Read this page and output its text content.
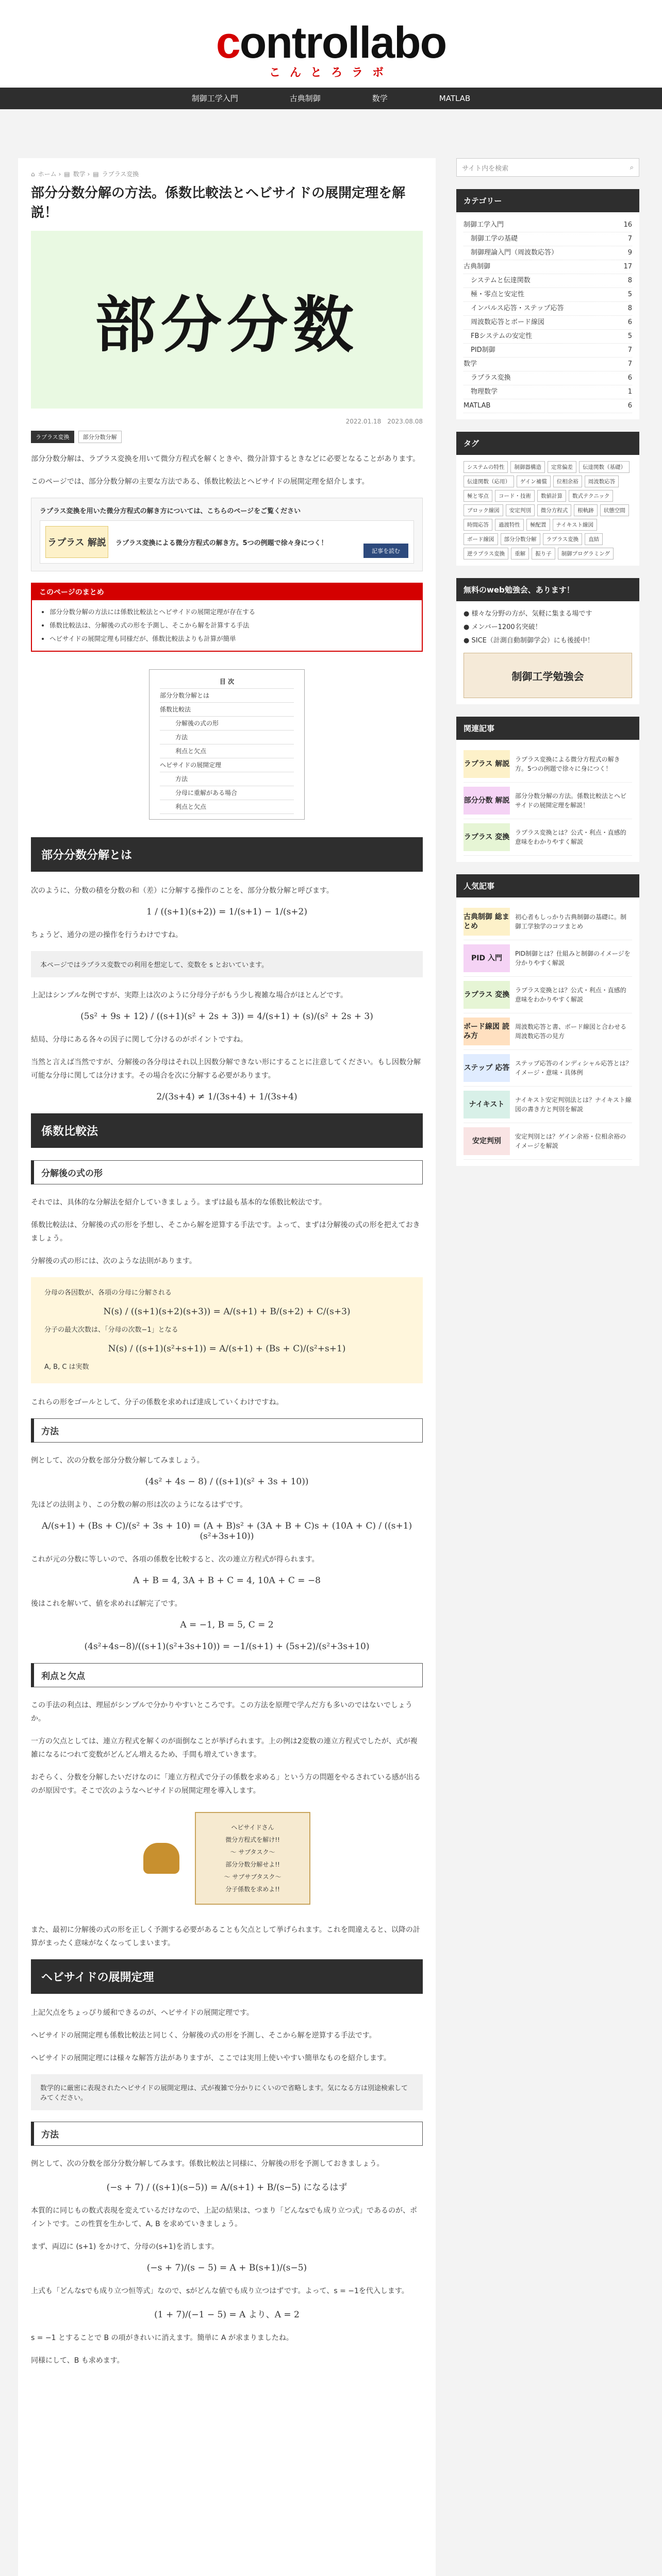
controllabo
こんとろラボ
制御工学入門	古典制御	数学	MATLAB
⌂ ホーム › ▤ 数学 › ▤ ラプラス変換
部分分数分解の方法。係数比較法とヘビサイドの展開定理を解説！
部分分数
2022.01.18　2023.08.08
ラプラス変換	部分分数分解

部分分数分解は、ラプラス変換を用いて微分方程式を解くときや、微分計算するときなどに必要となることがあります。

このページでは、部分分数分解の主要な方法である、係数比較法とヘビサイドの展開定理を紹介します。

ラプラス変換を用いた微分方程式の解き方については、こちらのページをご覧ください
ラプラス 解説	ラプラス変換による微分方程式の解き方。5つの例題で徐々身につく！
記事を読む
このページのまとめ
• 部分分数分解の方法には係数比較法とヘビサイドの展開定理が存在する
• 係数比較法は、分解後の式の形を予測し、そこから解を計算する手法
• ヘビサイドの展開定理も同様だが、係数比較法よりも計算が簡単
目 次
部分分数分解とは
係数比較法
分解後の式の形
方法
利点と欠点
ヘビサイドの展開定理
方法
分母に重解がある場合
利点と欠点
部分分数分解とは

次のように、分数の積を分数の和（差）に分解する操作のことを、部分分数分解と呼びます。

1 / ((s+1)(s+2)) = 1/(s+1) − 1/(s+2)

ちょうど、通分の逆の操作を行うわけですね。

本ページではラプラス変数での利用を想定して、変数を s とおいています。

上記はシンプルな例ですが、実際上は次のように分母分子がもう少し複雑な場合がほとんどです。

(5s² + 9s + 12) / ((s+1)(s² + 2s + 3)) = 4/(s+1) + (s)/(s² + 2s + 3)

結局、分母にある各々の因子に関して分けるのがポイントですね。

当然と言えば当然ですが、分解後の各分母はそれ以上因数分解できない形にすることに注意してください。もし因数分解可能な分母に関しては分けます。その場合を次に分解する必要があります。

2/(3s+4) ≠ 1/(3s+4) + 1/(3s+4)
係数比較法
分解後の式の形

それでは、具体的な分解法を紹介していきましょう。まずは最も基本的な係数比較法です。

係数比較法は、分解後の式の形を予想し、そこから解を逆算する手法です。よって、まずは分解後の式の形を把えておきましょう。

分解後の式の形には、次のような法則があります。

分母の各因数が、各項の分母に分解される
N(s) / ((s+1)(s+2)(s+3)) = A/(s+1) + B/(s+2) + C/(s+3)
分子の最大次数は、「分母の次数−1」となる
N(s) / ((s+1)(s²+s+1)) = A/(s+1) + (Bs + C)/(s²+s+1)
A, B, C は実数

これらの形をゴールとして、分子の係数を求めれば達成していくわけですね。

方法

例として、次の分数を部分分数分解してみましょう。

(4s² + 4s − 8) / ((s+1)(s² + 3s + 10))

先ほどの法則より、この分数の解の形は次のようになるはずです。

A/(s+1) + (Bs + C)/(s² + 3s + 10) = (A + B)s² + (3A + B + C)s + (10A + C) / ((s+1)(s²+3s+10))

これが元の分数に等しいので、各項の係数を比較すると、次の連立方程式が得られます。

A + B = 4, 3A + B + C = 4, 10A + C = −8

後はこれを解いて、値を求めれば解完了です。

A = −1, B = 5, C = 2
(4s²+4s−8)/((s+1)(s²+3s+10)) = −1/(s+1) + (5s+2)/(s²+3s+10)
利点と欠点

この手法の利点は、理屈がシンプルで分かりやすいところです。この方法を原理で学んだ方も多いのではないでしょうか。

一方の欠点としては、連立方程式を解くのが面倒なことが挙げられます。上の例は2変数の連立方程式でしたが、式が複雑になるにつれて変数がどんどん増えるため、手間も増えていきます。

おそらく、分数を分解したいだけなのに「連立方程式で分子の係数を求める」という方の問題をやるされている感が出るのが原因です。そこで次のようなヘビサイドの展開定理を導入します。

ヘビサイドさん
微分方程式を解け!!
〜 サブタスク〜
部分分数分解せよ!!
〜 サブサブタスク〜
分子係数を求めよ!!

また、最初に分解後の式の形を正しく予測する必要があることも欠点として挙げられます。これを間違えると、以降の計算がまったく意味がなくなってしまいます。

ヘビサイドの展開定理

上記欠点をちょっぴり緩和できるのが、ヘビサイドの展開定理です。

ヘビサイドの展開定理も係数比較法と同じく、分解後の式の形を予測し、そこから解を逆算する手法です。

ヘビサイドの展開定理には様々な解答方法がありますが、ここでは実用上使いやすい簡単なものを紹介します。

数学的に厳密に表現されたヘビサイドの展開定理は、式が複雑で分かりにくいので省略します。気になる方は別途検索してみてください。
方法

例として、次の分数を部分分数分解してみます。係数比較法と同様に、分解後の形を予測しておきましょう。

(−s + 7) / ((s+1)(s−5)) = A/(s+1) + B/(s−5) になるはず

本質的に同じもの数式表現を変えているだけなので、上記の結果は、つまり「どんなsでも成り立つ式」であるのが、ポイントです。この性質を生かして、A, B を求めていきましょう。

まず、両辺に (s+1) をかけて、分母の(s+1)を消します。

(−s + 7)/(s − 5) = A + B(s+1)/(s−5)

上式も「どんなsでも成り立つ恒等式」なので、sがどんな値でも成り立つはずです。よって、s = −1を代入します。

(1 + 7)/(−1 − 5) = A より、A = 2

s = −1 とすることで B の項がきれいに消えます。簡単に A が求まりましたね。

同様にして、B も求めます。

サイト内を検索	⌕
カテゴリー
制御工学入門	16
制御工学の基礎	7
制御理論入門（周波数応答）	9
古典制御	17
システムと伝達関数	8
極・零点と安定性	5
インパルス応答・ステップ応答	8
周波数応答とボード線図	6
FBシステムの安定性	5
PID制御	7
数学	7
ラプラス変換	6
物理数学	1
MATLAB	6
タグ
システムの特性	制御器構造	定常偏差	伝達関数（基礎）
伝達関数（応用）	ゲイン補償	位相余裕	周波数応答
極と零点	コード・技術	数値計算	数式テクニック
ブロック線図	安定判別	微分方程式	根軌跡	状態空間
時間応答	過渡特性	極配置	ナイキスト線図
ボード線図	部分分数分解	ラプラス変換	直結
逆ラプラス変換	重解	振り子	制御プログラミング
無料のweb勉強会、あります！
● 様々な分野の方が、気軽に集まる場です
● メンバー1200名突破！
● SICE（計測自動制御学会）にも後援中！
制御工学勉強会
関連記事
ラプラス 解説
ラプラス変換による微分方程式の解き方。5つの例題で徐々に身につく！
部分分数 解説
部分分数分解の方法。係数比較法とヘビサイドの展開定理を解説！
ラプラス 変換
ラプラス変換とは？公式・利点・直感的意味をわかりやすく解説
人気記事
古典制御 総まとめ
初心者もしっかり古典制御の基礎に。制御工学独学のコツまとめ
PID 入門
PID制御とは？仕組みと制御のイメージを分かりやすく解説
ラプラス 変換
ラプラス変換とは？公式・利点・直感的意味をわかりやすく解説
ボード線図 読み方
周波数応答と書、ボード線図と合わせる周波数応答の見方
ステップ 応答
ステップ応答のインディシャル応答とは？イメージ・意味・具体例
ナイキスト
ナイキスト安定判別法とは？ナイキスト線図の書き方と判別を解説
安定判別
安定判別とは？ゲイン余裕・位相余裕のイメージを解説
